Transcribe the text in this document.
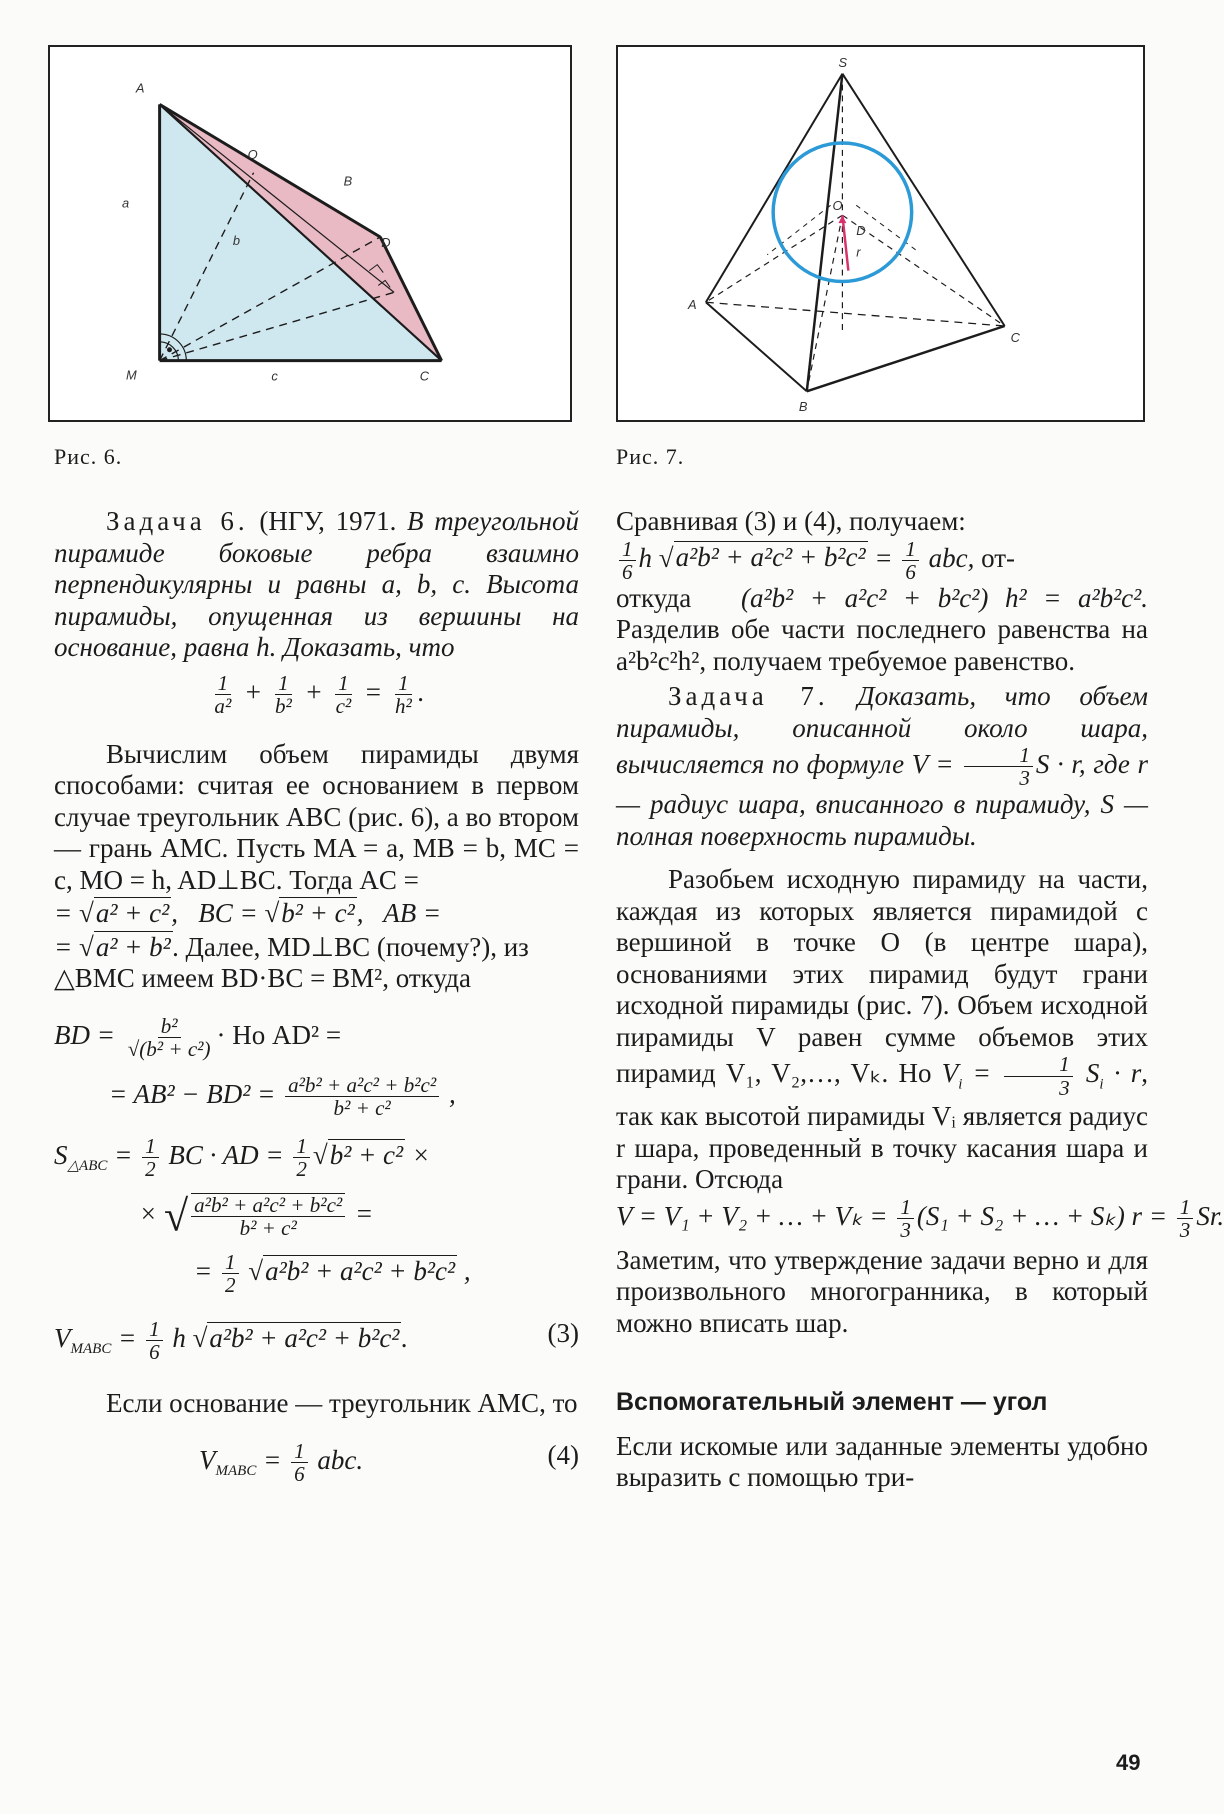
A
O
B
D
M	C
a
b
c
Рис. 6.
S
O
D
r
A
B
C
Рис. 7.

Задача 6. (НГУ, 1971. В треугольной пирамиде боковые ребра взаимно перпендикулярны и равны a, b, c. Высота пирамиды, опущенная из вершины на основание, равна h. Доказать, что

$\frac{1}{\text{a²}} + \frac{1}{\text{b²}} + \frac{1}{\text{c²}} = \frac{1}{\text{h²}}$ .

Вычислим объем пирамиды двумя способами: считая ее основанием в первом случае треугольник ABC (рис. 6), а во втором — грань AMC. Пусть MA = a, MB = b, MC = c, MO = h, AD⊥BC. Тогда AC =

= √a² + c²,   BC = √b² + c²,   AB =
= √a² + b².Далее, MD⊥BC (почему?), из △BMC имеем BD·BC = BM², откуда
BD = $\frac{\text{b²}}{\text{√(b² + c²)}}$ · Но AD² =
= $AB^2 - BD^2 = \frac{\text{a²b² + a²c² + b²c²}}{\text{b² + c²}}$ ,
$S_{\triangle ABC} = \frac{1}{2}$ BC · AD = $\frac{1}{2} √b^2 + c^2$ ×
× √ $\frac{\text{a²b² + a²c² + b²c²}}{\text{b² + c²}}$ =
= $\frac{1}{2} √a^2b^2 + a^2c^2 + b^2c^2$ ,
$V_{MABC} = \frac{1}{6}$ h √a²b² + a²c² + b²c².	(3)

Если основание — треугольник AMC, то

$V_{MABC} = \frac{1}{6}$ abc.	(4)

Сравнивая (3) и (4), получаем:

$\frac{1}{6}$ h $√a^2b^2 + a^2c^2 + b^2c^2 = \frac{1}{6}$ abc, от-

откуда (a²b² + a²c² + b²c²) h² = a²b²c². Разделив обе части последнего равенства на a²b²c²h², получаем требуемое равенство.

Задача 7. Доказать, что объем пирамиды, описанной около шара, вычисляется по формуле $V = \frac{1}{3}$ S · r, где r — радиус шара, вписанного в пирамиду, S — полная поверхность пирамиды.

Разобьем исходную пирамиду на части, каждая из которых является пирамидой с вершиной в точке O (в центре шара), основаниями этих пирамид будут грани исходной пирамиды (рис. 7). Объем исходной пирамиды V равен сумме объемов этих пирамид V₁, V₂,…, Vₖ. Но $V_i = \frac{1}{3} S_i \cdot r$, так как высотой пирамиды Vᵢ является радиус r шара, проведенный в точку касания шара и грани. Отсюда

V = V₁ + V₂ + … + $V_k = \frac{1}{3} (S_1 + S_2$ + … + Sₖ) $r = \frac{1}{3} Sr$.

Заметим, что утверждение задачи верно и для произвольного многогранника, в который можно вписать шар.

Вспомогательный элемент — угол

Если искомые или заданные элементы удобно выразить с помощью три-

49
